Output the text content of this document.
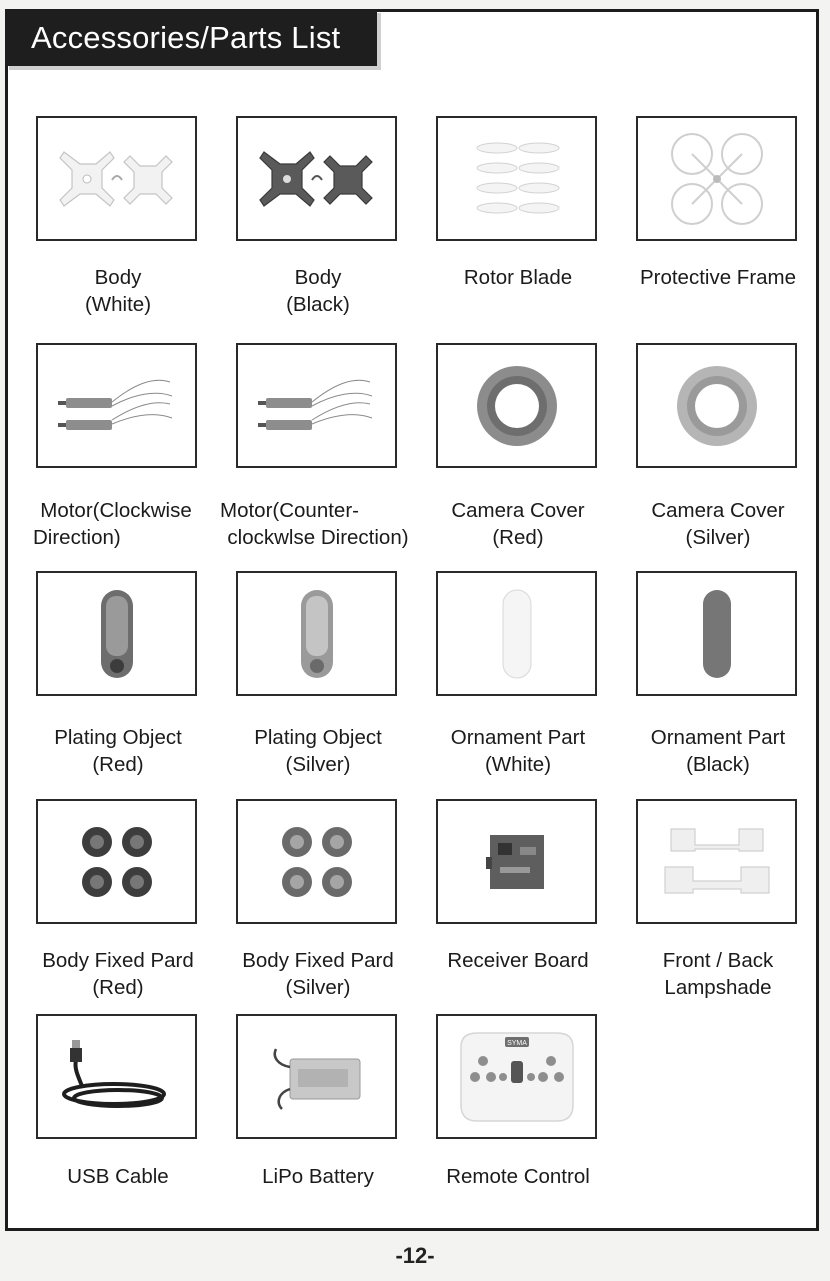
Accessories/Parts List
Body
(White)
Body
(Black)
Rotor Blade	Protective Frame
Motor(Clockwise
Direction)
Motor(Counter-
clockwlse Direction)
Camera Cover
(Red)
Camera Cover
(Silver)
Plating Object
(Red)
Plating Object
(Silver)
Ornament Part
(White)
Ornament Part
(Black)
Body Fixed Pard
(Red)
Body Fixed Pard
(Silver)
Receiver Board	Front / Back
Lampshade
SYMA
USB Cable	LiPo Battery	Remote Control
-12-
